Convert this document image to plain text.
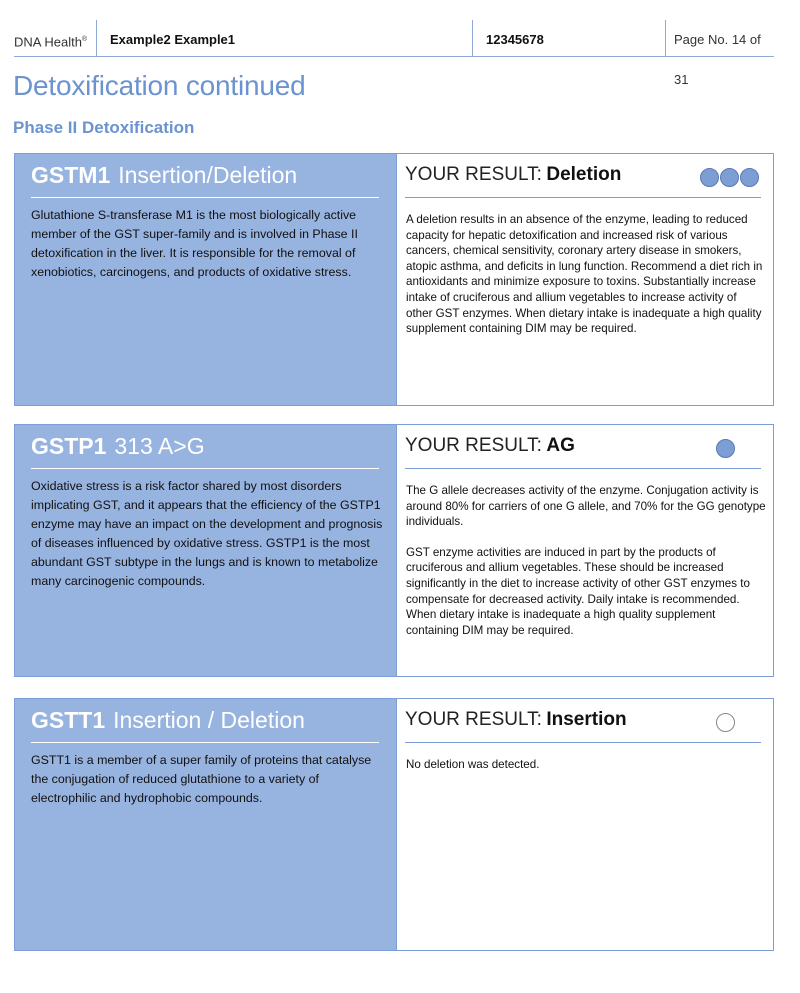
DNA Health® Example2 Example1	12345678	Page No. 14 of 31
Detoxification continued
Phase II Detoxification
GSTM1 Insertion/Deletion

Glutathione S-transferase M1 is the most biologically active member of the GST super-family and is involved in Phase II detoxification in the liver. It is responsible for the removal of xenobiotics, carcinogens, and products of oxidative stress.

YOUR RESULT: Deletion

A deletion results in an absence of the enzyme, leading to reduced capacity for hepatic detoxification and increased risk of various cancers, chemical sensitivity, coronary artery disease in smokers, atopic asthma, and deficits in lung function. Recommend a diet rich in antioxidants and minimize exposure to toxins. Substantially increase intake of cruciferous and allium vegetables to increase activity of other GST enzymes. When dietary intake is inadequate a high quality supplement containing DIM may be required.

GSTP1 313 A>G

Oxidative stress is a risk factor shared by most disorders implicating GST, and it appears that the efficiency of the GSTP1 enzyme may have an impact on the development and prognosis of diseases influenced by oxidative stress. GSTP1 is the most abundant GST subtype in the lungs and is known to metabolize many carcinogenic compounds.

YOUR RESULT: AG

The G allele decreases activity of the enzyme. Conjugation activity is around 80% for carriers of one G allele, and 70% for the GG genotype individuals.

GST enzyme activities are induced in part by the products of cruciferous and allium vegetables. These should be increased significantly in the diet to increase activity of other GST enzymes to compensate for decreased activity. Daily intake is recommended. When dietary intake is inadequate a high quality supplement containing DIM may be required.

GSTT1 Insertion / Deletion

GSTT1 is a member of a super family of proteins that catalyse the conjugation of reduced glutathione to a variety of electrophilic and hydrophobic compounds.

YOUR RESULT: Insertion

No deletion was detected.
